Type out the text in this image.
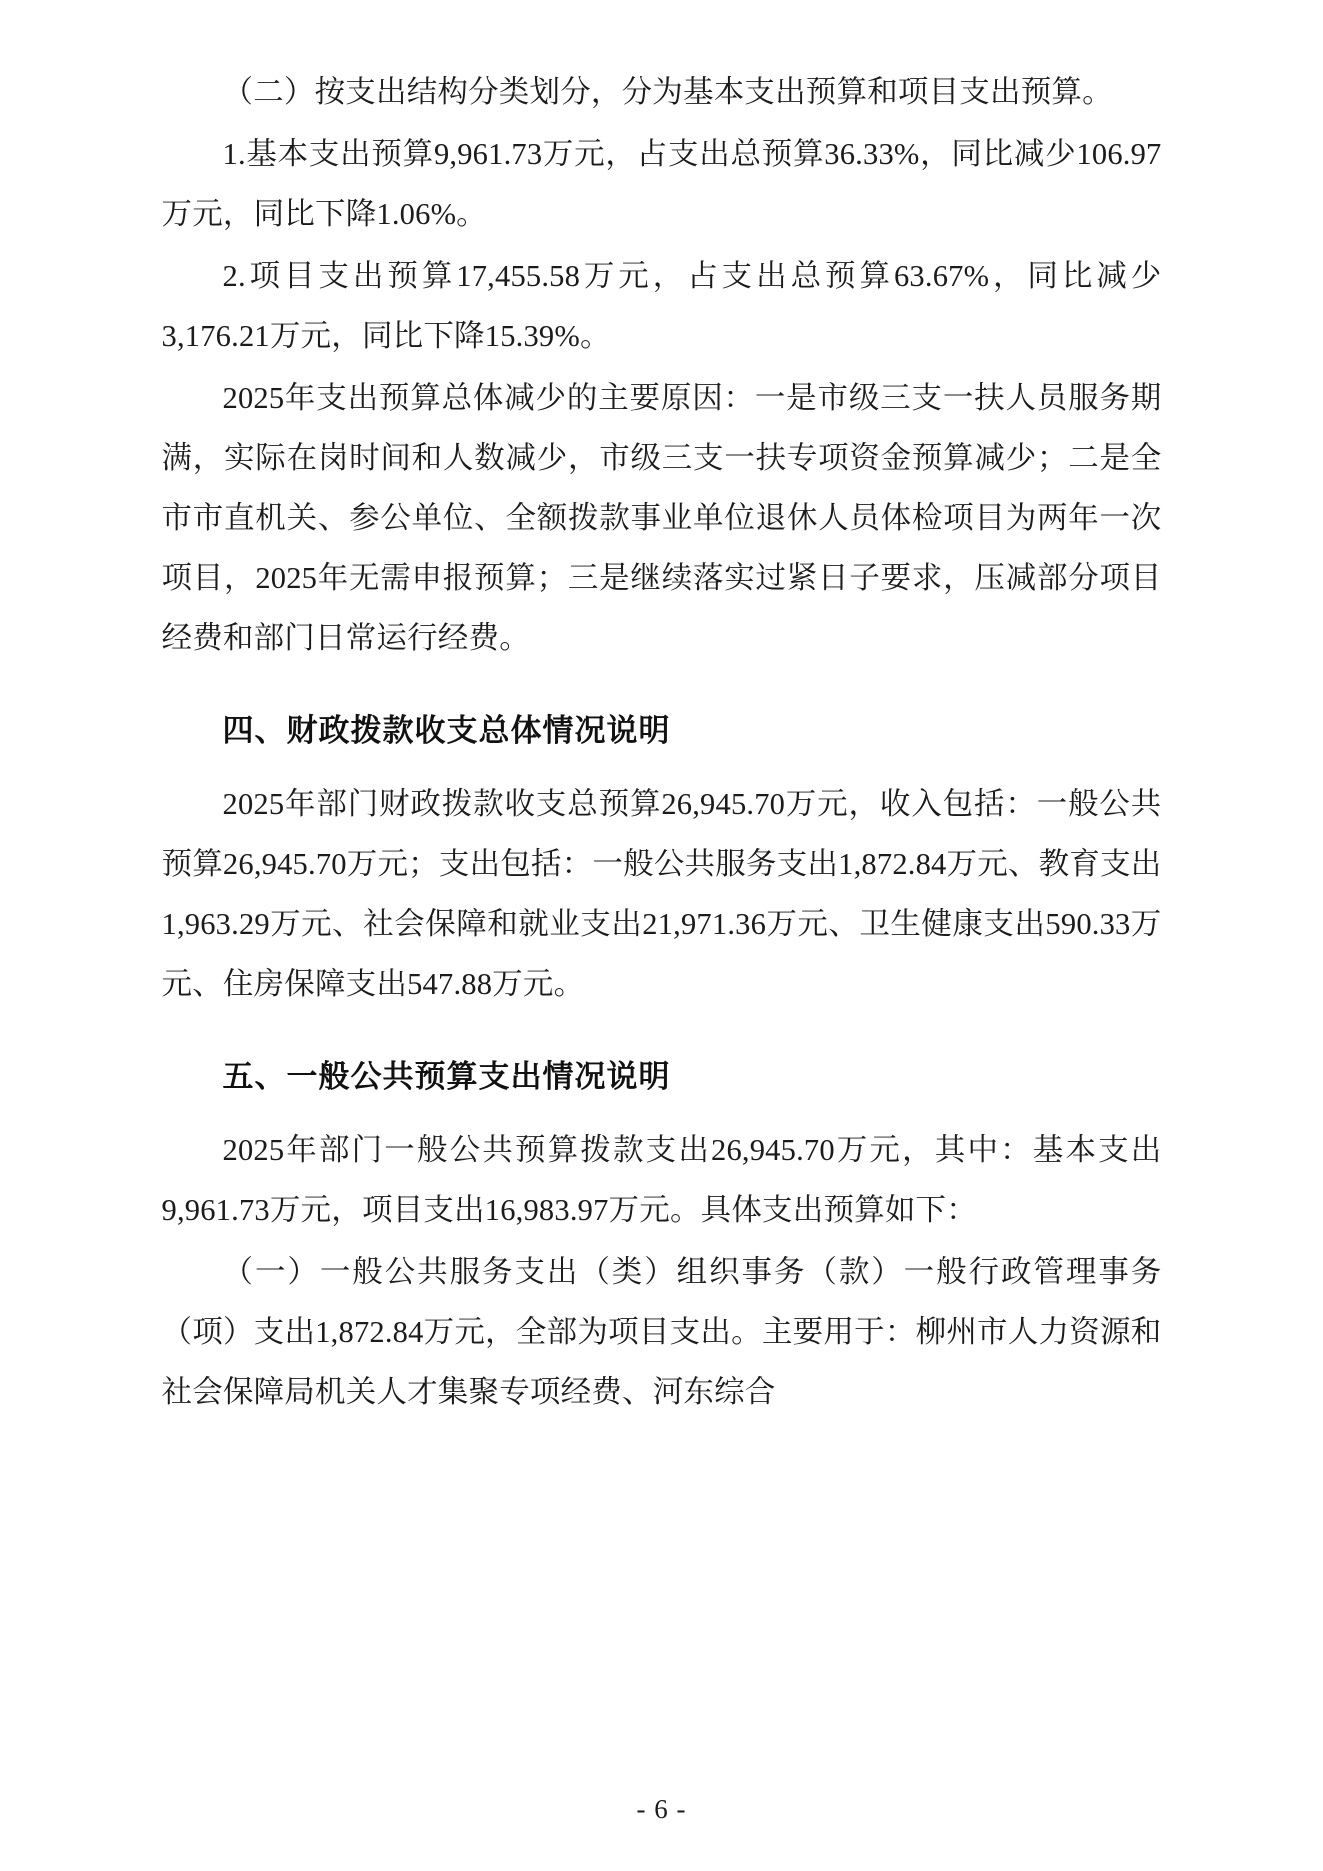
（二）按支出结构分类划分，分为基本支出预算和项目支出预算。

1.基本支出预算9,961.73万元，占支出总预算36.33%，同比减少106.97万元，同比下降1.06%。

2.项目支出预算17,455.58万元，占支出总预算63.67%，同比减少3,176.21万元，同比下降15.39%。

2025年支出预算总体减少的主要原因：一是市级三支一扶人员服务期满，实际在岗时间和人数减少，市级三支一扶专项资金预算减少；二是全市市直机关、参公单位、全额拨款事业单位退休人员体检项目为两年一次项目，2025年无需申报预算；三是继续落实过紧日子要求，压减部分项目经费和部门日常运行经费。

四、财政拨款收支总体情况说明

2025年部门财政拨款收支总预算26,945.70万元，收入包括：一般公共预算26,945.70万元；支出包括：一般公共服务支出1,872.84万元、教育支出1,963.29万元、社会保障和就业支出21,971.36万元、卫生健康支出590.33万元、住房保障支出547.88万元。

五、一般公共预算支出情况说明

2025年部门一般公共预算拨款支出26,945.70万元，其中：基本支出9,961.73万元，项目支出16,983.97万元。具体支出预算如下：

（一）一般公共服务支出（类）组织事务（款）一般行政管理事务（项）支出1,872.84万元，全部为项目支出。主要用于：柳州市人力资源和社会保障局机关人才集聚专项经费、河东综合

- 6 -
